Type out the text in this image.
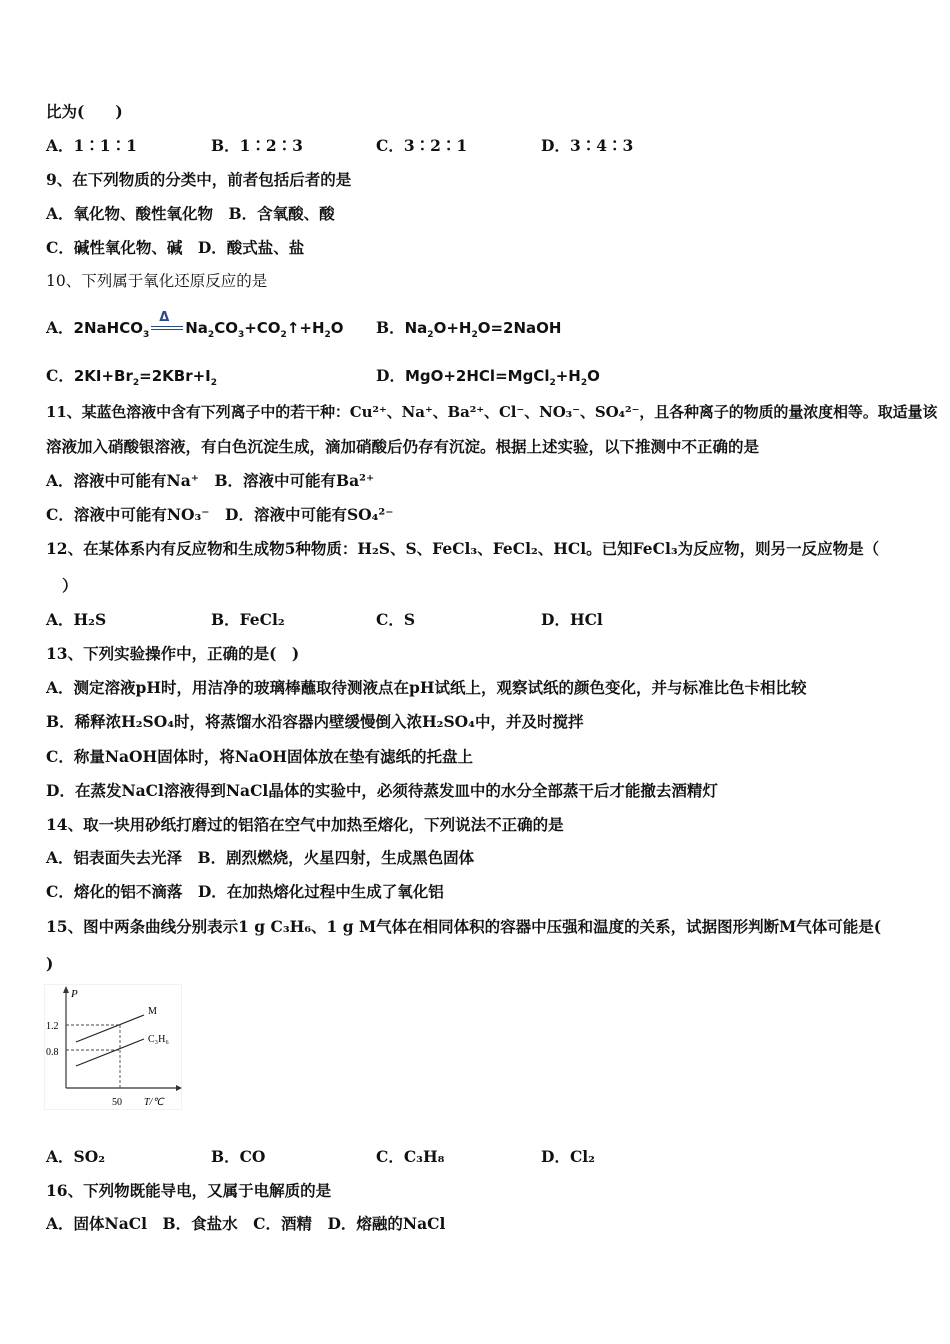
比为(　　)
A．1∶1∶1	B．1∶2∶3	C．3∶2∶1	D．3∶4∶3
9、在下列物质的分类中，前者包括后者的是
A．氧化物、酸性氧化物　 B．含氧酸、酸
C．碱性氧化物、碱　 D．酸式盐、盐
10、下列属于氧化还原反应的是
A．2NaHCO$_3$
Δ
$Na_2CO_3+CO_2↑+H_2O$ B．$Na_2O+H_2O=2NaOH$
C．$2KI+Br_2=2KBr+I_2$	D．$MgO+2HCl=MgCl_2+H_2O$
11、某蓝色溶液中含有下列离子中的若干种：Cu²⁺、Na⁺、Ba²⁺、Cl⁻、NO₃⁻、SO₄²⁻，且各种离子的物质的量浓度相等。取适量该
溶液加入硝酸银溶液，有白色沉淀生成，滴加硝酸后仍存有沉淀。根据上述实验，以下推测中不正确的是
A．溶液中可能有Na⁺　 B．溶液中可能有Ba²⁺
C．溶液中可能有NO₃⁻　 D．溶液中可能有SO₄²⁻
12、在某体系内有反应物和生成物5种物质：H₂S、S、FeCl₃、FeCl₂、HCl。已知FeCl₃为反应物，则另一反应物是（
）
A．H₂S	B．FeCl₂	C．S	D．HCl
13、下列实验操作中，正确的是(　)
A．测定溶液pH时，用洁净的玻璃棒蘸取待测液点在pH试纸上，观察试纸的颜色变化，并与标准比色卡相比较
B．稀释浓H₂SO₄时，将蒸馏水沿容器内壁缓慢倒入浓H₂SO₄中，并及时搅拌
C．称量NaOH固体时，将NaOH固体放在垫有滤纸的托盘上
D．在蒸发NaCl溶液得到NaCl晶体的实验中，必须待蒸发皿中的水分全部蒸干后才能撤去酒精灯
14、取一块用砂纸打磨过的铝箔在空气中加热至熔化，下列说法不正确的是
A．铝表面失去光泽　 B．剧烈燃烧，火星四射，生成黑色固体
C．熔化的铝不滴落　 D．在加热熔化过程中生成了氧化铝
15、图中两条曲线分别表示1 g C₃H₆、1 g M气体在相同体积的容器中压强和温度的关系，试据图形判断M气体可能是(
)
P
T/℃
50
1.2
0.8
M
C₃H₆
A．SO₂	B．CO	C．C₃H₈	D．Cl₂
16、下列物既能导电，又属于电解质的是
A．固体NaCl　 B．食盐水　 C．酒精　 D．熔融的NaCl
